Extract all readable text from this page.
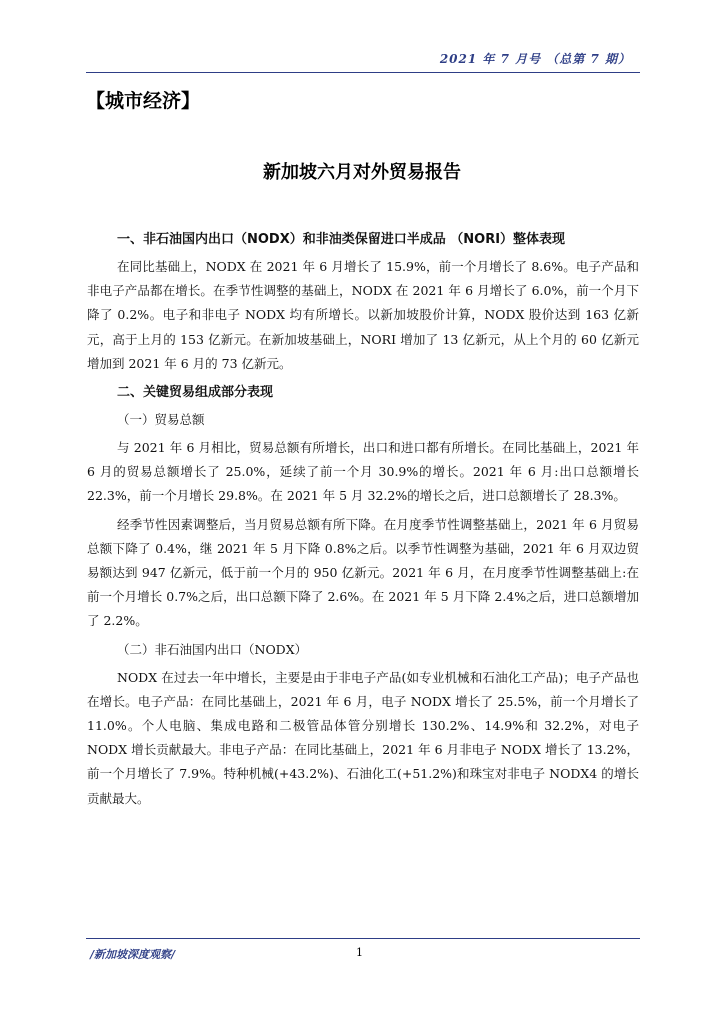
2021 年 7 月号 （总第 7 期）
【城市经济】
新加坡六月对外贸易报告
一、非石油国内出口（NODX）和非油类保留进口半成品 （NORI）整体表现

在同比基础上，NODX 在 2021 年 6 月增长了 15.9%，前一个月增长了 8.6%。电子产品和非电子产品都在增长。在季节性调整的基础上，NODX 在 2021 年 6 月增长了 6.0%，前一个月下降了 0.2%。电子和非电子 NODX 均有所增长。以新加坡股价计算，NODX 股价达到 163 亿新元，高于上月的 153 亿新元。在新加坡基础上，NORI 增加了 13 亿新元，从上个月的 60 亿新元增加到 2021 年 6 月的 73 亿新元。

二、关键贸易组成部分表现
（一）贸易总额

与 2021 年 6 月相比，贸易总额有所增长，出口和进口都有所增长。在同比基础上，2021 年 6 月的贸易总额增长了 25.0%，延续了前一个月 30.9%的增长。2021 年 6 月:出口总额增长 22.3%，前一个月增长 29.8%。在 2021 年 5 月 32.2%的增长之后，进口总额增长了 28.3%。

经季节性因素调整后，当月贸易总额有所下降。在月度季节性调整基础上，2021 年 6 月贸易总额下降了 0.4%，继 2021 年 5 月下降 0.8%之后。以季节性调整为基础，2021 年 6 月双边贸易额达到 947 亿新元，低于前一个月的 950 亿新元。2021 年 6 月，在月度季节性调整基础上:在前一个月增长 0.7%之后，出口总额下降了 2.6%。在 2021 年 5 月下降 2.4%之后，进口总额增加了 2.2%。

（二）非石油国内出口（NODX）

NODX 在过去一年中增长，主要是由于非电子产品(如专业机械和石油化工产品)；电子产品也在增长。电子产品：在同比基础上，2021 年 6 月，电子 NODX 增长了 25.5%，前一个月增长了 11.0%。个人电脑、集成电路和二极管品体管分别增长 130.2%、14.9%和 32.2%，对电子 NODX 增长贡献最大。非电子产品：在同比基础上，2021 年 6 月非电子 NODX 增长了 13.2%，前一个月增长了 7.9%。特种机械(+43.2%)、石油化工(+51.2%)和珠宝对非电子 NODX4 的增长贡献最大。

/新加坡深度观察/	1
